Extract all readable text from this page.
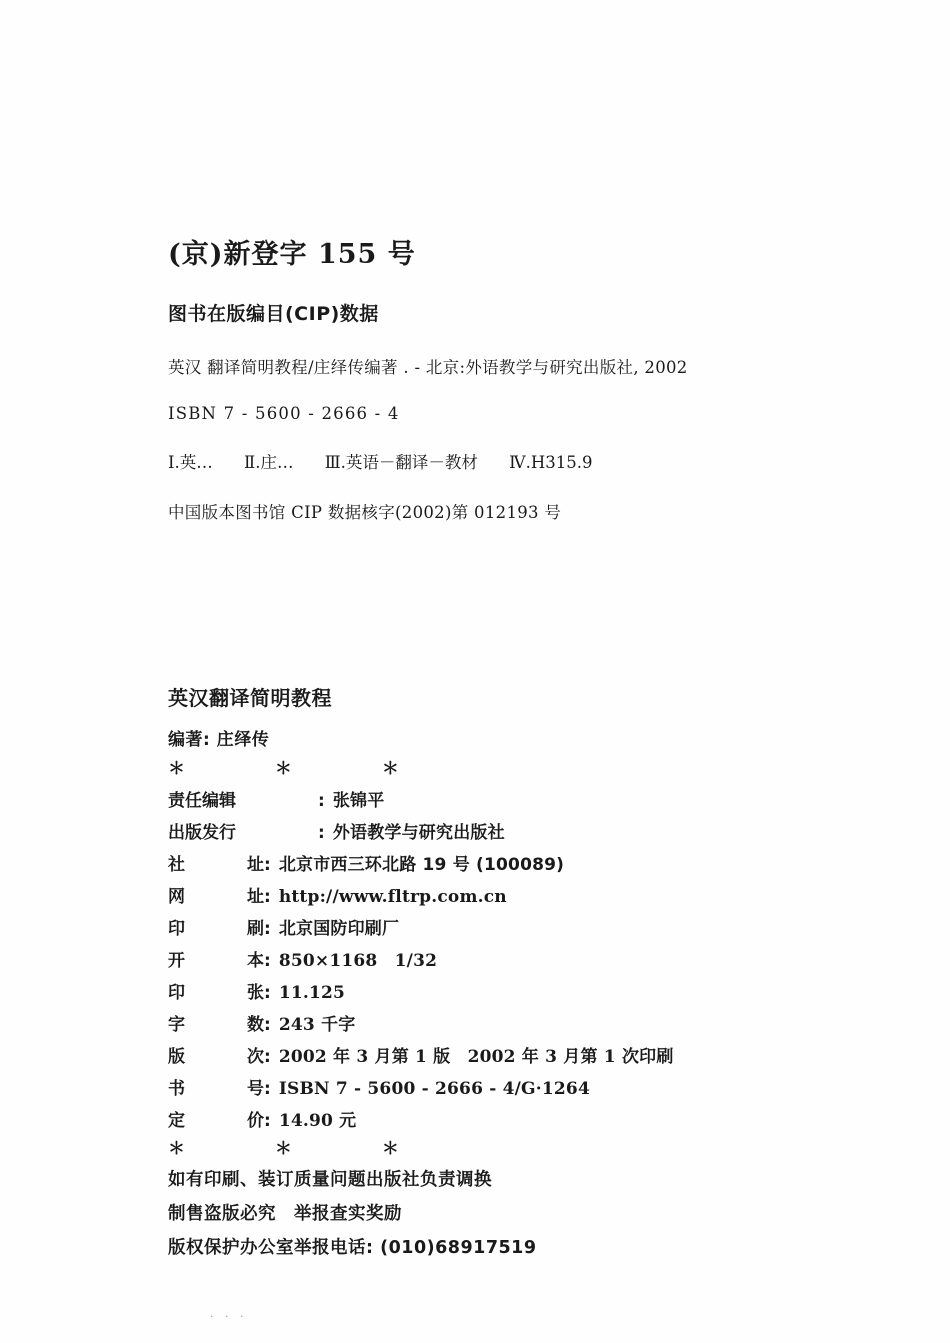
(京)新登字 155 号
图书在版编目(CIP)数据
英汉 翻译简明教程/庄绎传编著 . - 北京:外语教学与研究出版社, 2002
ISBN 7 - 5600 - 2666 - 4
Ⅰ.英… Ⅱ.庄… Ⅲ.英语－翻译－教材 Ⅳ.H315.9
中国版本图书馆 CIP 数据核字(2002)第 012193 号
英汉翻译简明教程
编著: 庄绎传
＊ ＊ ＊
责任编辑	: 张锦平
出版发行	: 外语教学与研究出版社
社	址 : 北京市西三环北路 19 号 (100089)
网	址 : http://www.fltrp.com.cn
印	刷 : 北京国防印刷厂
开	本 : 850×1168　1/32
印	张 : 11.125
字	数 : 243 千字
版	次 : 2002 年 3 月第 1 版　2002 年 3 月第 1 次印刷
书	号 : ISBN 7 - 5600 - 2666 - 4/G·1264
定	价 : 14.90 元
＊ ＊ ＊
如有印刷、装订质量问题出版社负责调换
制售盗版必究　举报查实奖励
版权保护办公室举报电话: (010)68917519
· · ·
